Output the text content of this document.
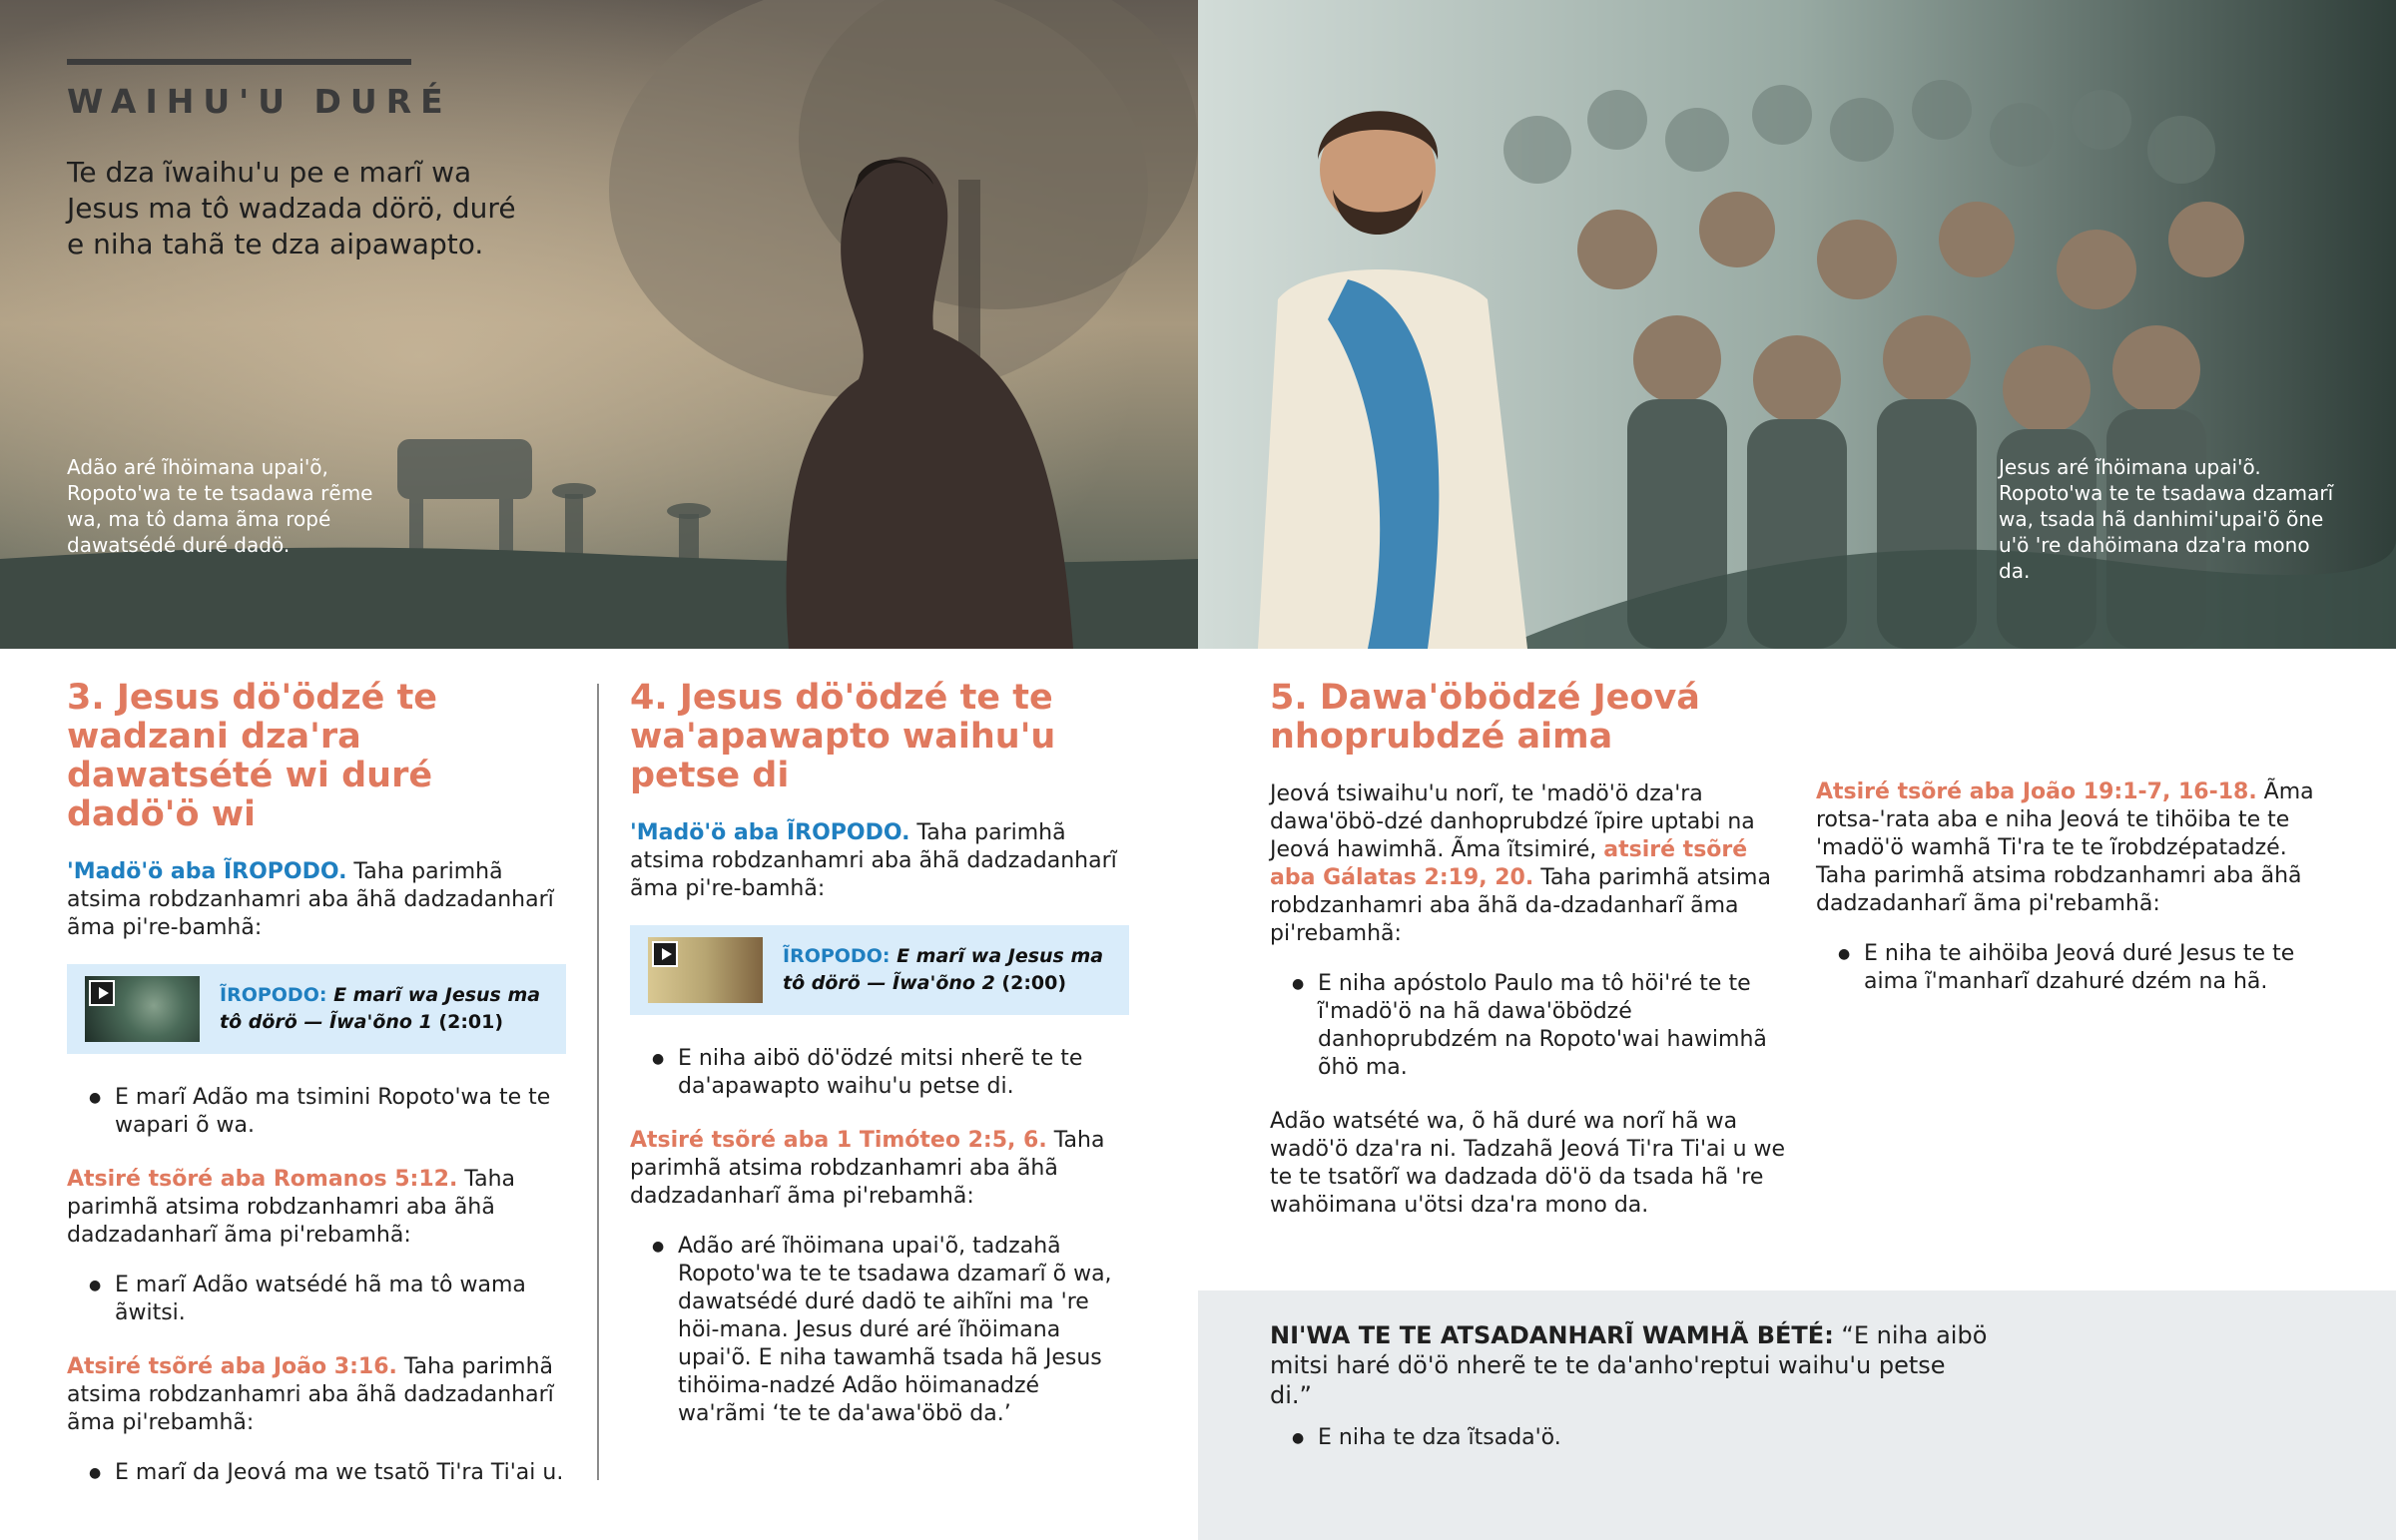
WAIHU'U DURÉ
Te dza ĩwaihu'u pe e marĩ wa Jesus ma tô wadzada dörö, duré e niha tahã te dza aipawapto.
Adão aré ĩhöimana upai'õ, Ropoto'wa te te tsadawa rẽme wa, ma tô dama ãma ropé dawatsédé duré dadö.
Jesus aré ĩhöimana upai'õ. Ropoto'wa te te tsadawa dzamarĩ wa, tsada hã danhimi'upai'õ õne u'ö 're dahöimana dza'ra mono da.
3. Jesus dö'ödzé te wadzani dza'ra dawatsété wi duré dadö'ö wi

'Madö'ö aba ĨROPODO. Taha parimhã atsima robdzanhamri aba ãhã dadzadanharĩ ãma pi're-bamhã:

ĨROPODO: E marĩ wa Jesus ma tô dörö — Ĩwa'õno 1 (2:01)
● E marĩ Adão ma tsimini Ropoto'wa te te wapari õ wa.

Atsiré tsõré aba Romanos 5:12. Taha parimhã atsima robdzanhamri aba ãhã dadzadanharĩ ãma pi'rebamhã:

● E marĩ Adão watsédé hã ma tô wama ãwitsi.

Atsiré tsõré aba João 3:16. Taha parimhã atsima robdzanhamri aba ãhã dadzadanharĩ ãma pi'rebamhã:

● E marĩ da Jeová ma we tsatõ Ti'ra Ti'ai u.
4. Jesus dö'ödzé te te wa'apawapto waihu'u petse di

'Madö'ö aba ĨROPODO. Taha parimhã atsima robdzanhamri aba ãhã dadzadanharĩ ãma pi're-bamhã:

ĨROPODO: E marĩ wa Jesus ma tô dörö — Ĩwa'õno 2 (2:00)
● E niha aibö dö'ödzé mitsi nherẽ te te da'apawapto waihu'u petse di.

Atsiré tsõré aba 1 Timóteo 2:5, 6. Taha parimhã atsima robdzanhamri aba ãhã dadzadanharĩ ãma pi'rebamhã:

● Adão aré ĩhöimana upai'õ, tadzahã Ropoto'wa te te tsadawa dzamarĩ õ wa, dawatsédé duré dadö te aihĩni ma 're höi-mana. Jesus duré aré ĩhöimana upai'õ. E niha tawamhã tsada hã Jesus tihöima-nadzé Adão höimanadzé wa'rãmi ‘te te da'awa'öbö da.’
5. Dawa'öbödzé Jeová nhoprubdzé aima

Jeová tsiwaihu'u norĩ, te 'madö'ö dza'ra dawa'öbö-dzé danhoprubdzé ĩpire uptabi na Jeová hawimhã. Ãma ĩtsimiré, atsiré tsõré aba Gálatas 2:19, 20. Taha parimhã atsima robdzanhamri aba ãhã da-dzadanharĩ ãma pi'rebamhã:

● E niha apóstolo Paulo ma tô höi'ré te te ĩ'madö'ö na hã dawa'öbödzé danhoprubdzém na Ropoto'wai hawimhã õhö ma.

Adão watsété wa, õ hã duré wa norĩ hã wa wadö'ö dza'ra ni. Tadzahã Jeová Ti'ra Ti'ai u we te te tsatõrĩ wa dadzada dö'ö da tsada hã 're wahöimana u'ötsi dza'ra mono da.

Atsiré tsõré aba João 19:1-7, 16-18. Ãma rotsa-'rata aba e niha Jeová te tihöiba te te 'madö'ö wamhã Ti'ra te te ĩrobdzépatadzé. Taha parimhã atsima robdzanhamri aba ãhã dadzadanharĩ ãma pi'rebamhã:

● E niha te aihöiba Jeová duré Jesus te te aima ĩ'manharĩ dzahuré dzém na hã.

NI'WA TE TE ATSADANHARĨ WAMHÃ BÉTÉ: “E niha aibö mitsi haré dö'ö nherẽ te te da'anho'reptui waihu'u petse di.”

● E niha te dza ĩtsada'ö.
